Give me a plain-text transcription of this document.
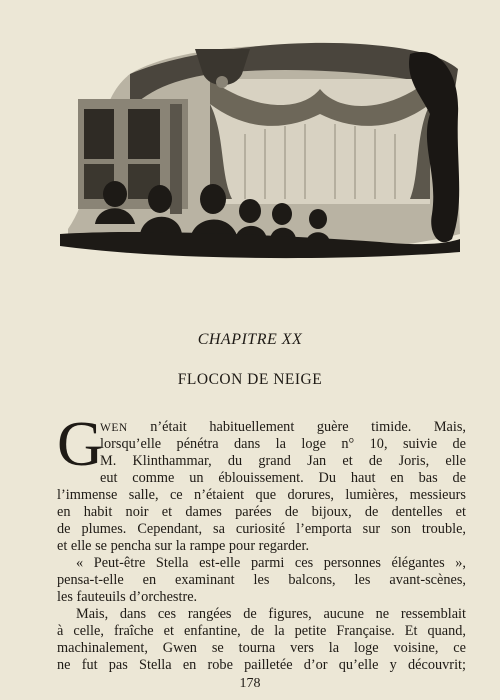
CHAPITRE XX
FLOCON DE NEIGE
G
WEN n’était habituellement guère timide. Mais,
lorsqu’elle pénétra dans la loge n° 10, suivie de
M. Klinthammar, du grand Jan et de Joris, elle
eut comme un éblouissement. Du haut en bas de
l’immense salle, ce n’étaient que dorures, lumières, messieurs
en habit noir et dames parées de bijoux, de dentelles et
de plumes. Cependant, sa curiosité l’emporta sur son trouble,
et elle se pencha sur la rampe pour regarder.
« Peut-être Stella est-elle parmi ces personnes élégantes »,
pensa-t-elle en examinant les balcons, les avant-scènes,
les fauteuils d’orchestre.
Mais, dans ces rangées de figures, aucune ne ressemblait
à celle, fraîche et enfantine, de la petite Française. Et quand,
machinalement, Gwen se tourna vers la loge voisine, ce
ne fut pas Stella en robe pailletée d’or qu’elle y découvrit;
178
